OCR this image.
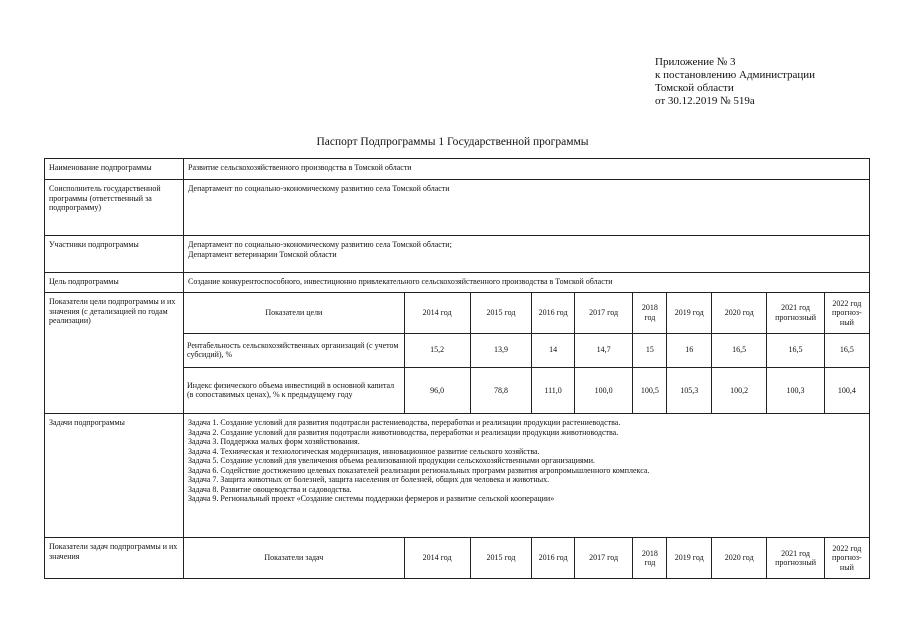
Приложение № 3
к постановлению Администрации
Томской области
от 30.12.2019 № 519а
Паспорт Подпрограммы 1 Государственной программы
Наименование подпрограммы	Развитие сельскохозяйственного производства в Томской области
Соисполнитель государственной программы (ответственный за подпрограмму)	Департамент по социально-экономическому развитию села Томской области
Участники подпрограммы	Департамент по социально-экономическому развитию села Томской области;
Департамент ветеринарии Томской области

Цель подпрограммы	Создание конкурентоспособного, инвестиционно привлекательного сельскохозяйственного производства в Томской области
Показатели цели подпрограммы и их значения (с детализацией по годам реализации)	
Показатели цели	2014 год	2015 год	2016 год	2017 год	2018 год	2019 год	2020 год	2021 год прогнозный	2022 год прогноз-ный
Рентабельность сельскохозяйственных организаций (с учетом субсидий), %	15,2	13,9	14	14,7	15	16	16,5	16,5	16,5
Индекс физического объема инвестиций в основной капитал (в сопоставимых ценах), % к предыдущему году	96,0	78,8	111,0	100,0	100,5	105,3	100,2	100,3	100,4

Задачи подпрограммы	Задача 1. Создание условий для развития подотрасли растениеводства, переработки и реализации продукции растениеводства.
Задача 2. Создание условий для развития подотрасли животноводства, переработки и реализации продукции животноводства.
Задача 3. Поддержка малых форм хозяйствования.
Задача 4. Техническая и технологическая модернизация, инновационное развитие сельского хозяйства.
Задача 5. Создание условий для увеличения объема реализованной продукции сельскохозяйственными организациями.
Задача 6. Содействие достижению целевых показателей реализации региональных программ развития агропромышленного комплекса.
Задача 7. Защита животных от болезней, защита населения от болезней, общих для человека и животных.
Задача 8. Развитие овощеводства и садоводства.
Задача 9. Региональный проект «Создание системы поддержки фермеров и развитие сельской кооперации»

Показатели задач подпрограммы и их значения		Показатели задач	2014 год	2015 год	2016 год	2017 год	2018 год	2019 год	2020 год	2021 год прогнозный	2022 год прогноз-ный
